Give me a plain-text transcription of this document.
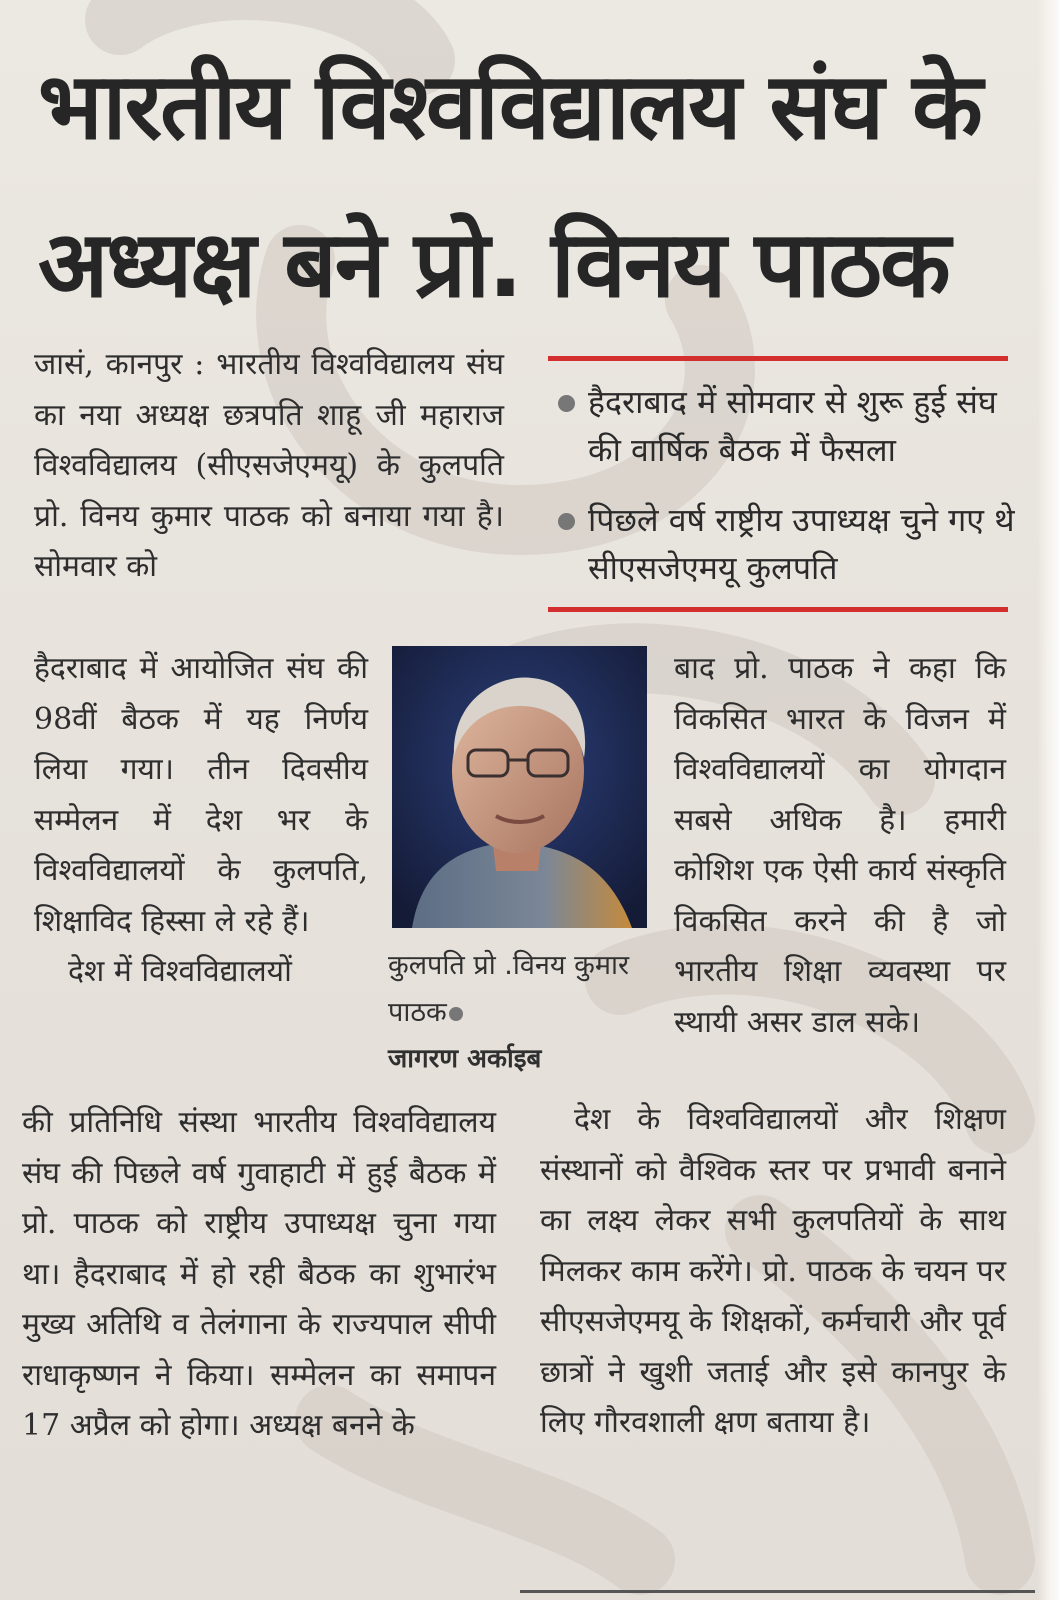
भारतीय विश्वविद्यालय संघ के
अध्यक्ष बने प्रो. विनय पाठक

जासं, कानपुर : भारतीय विश्वविद्यालय संघ का नया अध्यक्ष छत्रपति शाहू जी महाराज विश्वविद्यालय (सीएसजेएमयू) के कुलपति प्रो. विनय कुमार पाठक को बनाया गया है। सोमवार को

हैदराबाद में आयोजित संघ की 98वीं बैठक में यह निर्णय लिया गया। तीन दिवसीय सम्मेलन में देश भर के विश्वविद्यालयों के कुलपति, शिक्षाविद हिस्सा ले रहे हैं।

देश में विश्वविद्यालयों

की प्रतिनिधि संस्था भारतीय विश्वविद्यालय संघ की पिछले वर्ष गुवाहाटी में हुई बैठक में प्रो. पाठक को राष्ट्रीय उपाध्यक्ष चुना गया था। हैदराबाद में हो रही बैठक का शुभारंभ मुख्य अतिथि व तेलंगाना के राज्यपाल सीपी राधाकृष्णन ने किया। सम्मेलन का समापन 17 अप्रैल को होगा। अध्यक्ष बनने के

हैदराबाद में सोमवार से शुरू हुई संघ की वार्षिक बैठक में फैसला
पिछले वर्ष राष्ट्रीय उपाध्यक्ष चुने गए थे सीएसजेएमयू कुलपति
कुलपति प्रो .विनय कुमार पाठक
जागरण अर्काइब

बाद प्रो. पाठक ने कहा कि विकसित भारत के विजन में विश्वविद्यालयों का योगदान सबसे अधिक है। हमारी कोशिश एक ऐसी कार्य संस्कृति विकसित करने की है जो भारतीय शिक्षा व्यवस्था पर स्थायी असर डाल सके।

देश के विश्वविद्यालयों और शिक्षण संस्थानों को वैश्विक स्तर पर प्रभावी बनाने का लक्ष्य लेकर सभी कुलपतियों के साथ मिलकर काम करेंगे। प्रो. पाठक के चयन पर सीएसजेएमयू के शिक्षकों, कर्मचारी और पूर्व छात्रों ने खुशी जताई और इसे कानपुर के लिए गौरवशाली क्षण बताया है।
